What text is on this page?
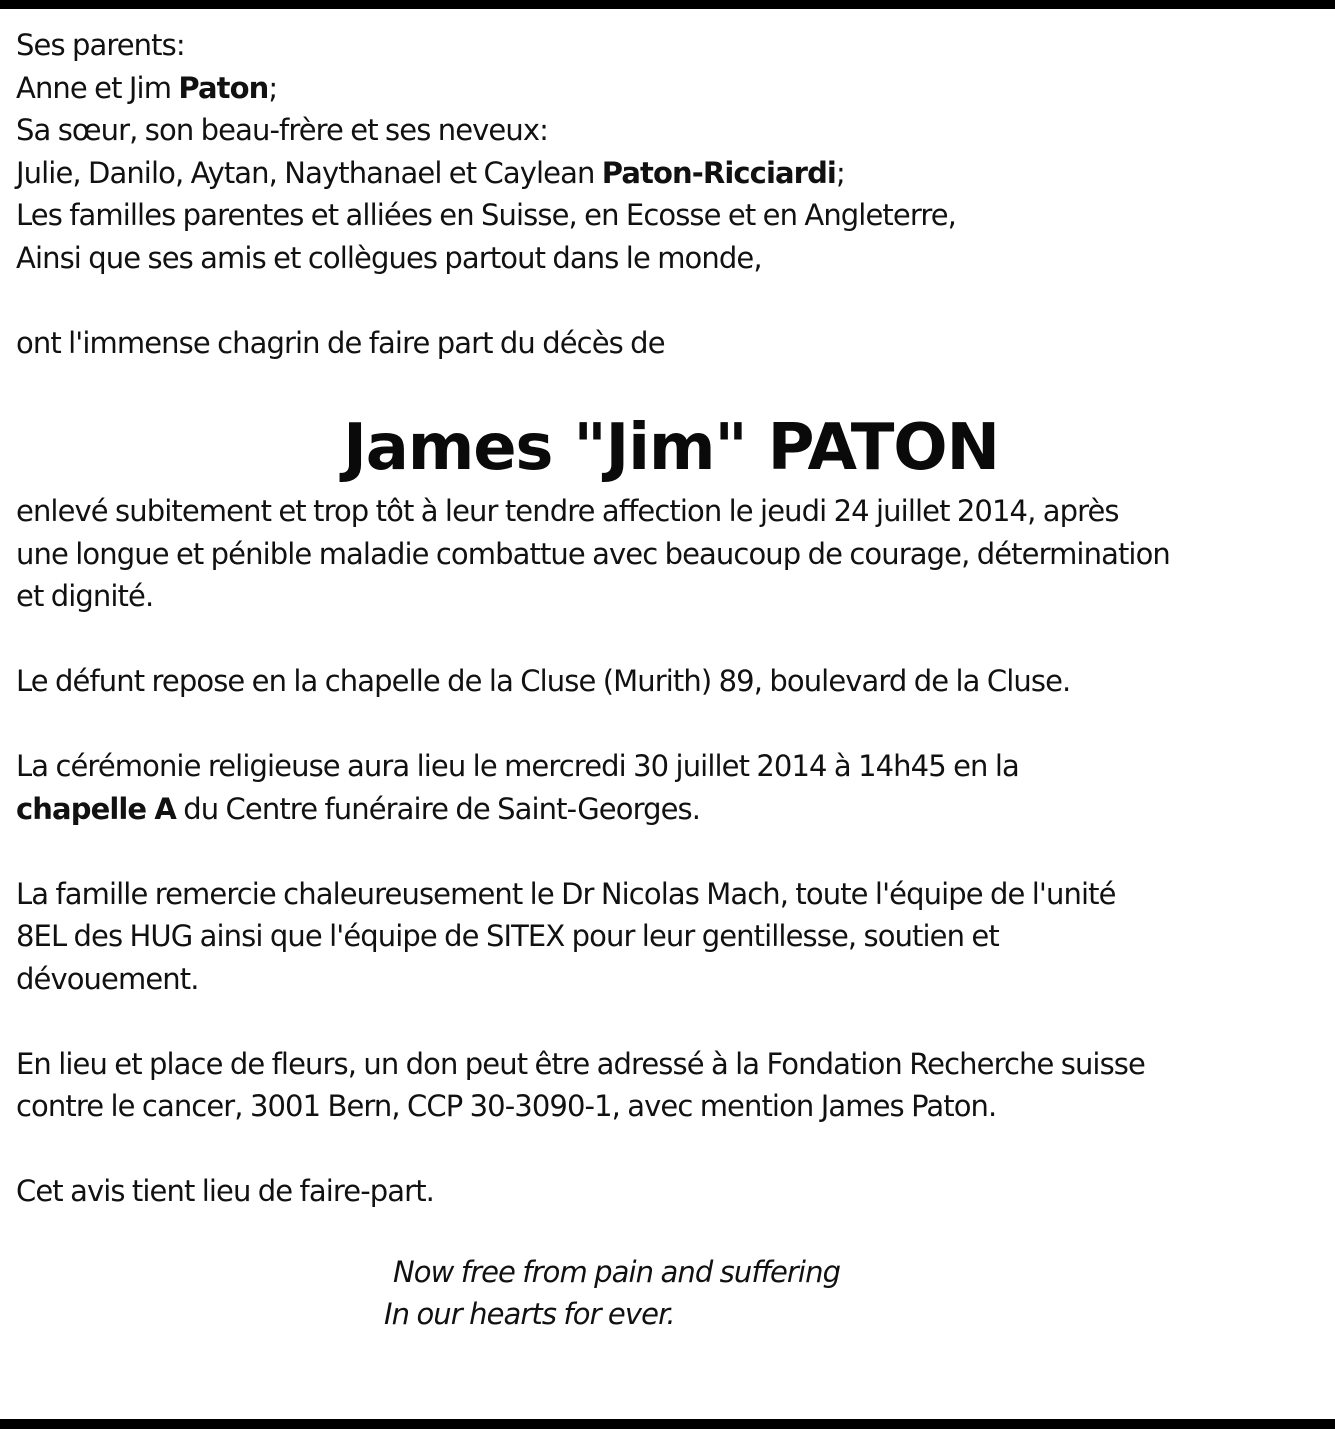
Ses parents:
Anne et Jim Paton;
Sa sœur, son beau-frère et ses neveux:
Julie, Danilo, Aytan, Naythanael et Caylean Paton-Ricciardi;
Les familles parentes et alliées en Suisse, en Ecosse et en Angleterre,
Ainsi que ses amis et collègues partout dans le monde,
ont l'immense chagrin de faire part du décès de
James "Jim" PATON
enlevé subitement et trop tôt à leur tendre affection le jeudi 24 juillet 2014, après
une longue et pénible maladie combattue avec beaucoup de courage, détermination
et dignité.
Le défunt repose en la chapelle de la Cluse (Murith) 89, boulevard de la Cluse.
La cérémonie religieuse aura lieu le mercredi 30 juillet 2014 à 14h45 en la
chapelle A du Centre funéraire de Saint-Georges.
La famille remercie chaleureusement le Dr Nicolas Mach, toute l'équipe de l'unité
8EL des HUG ainsi que l'équipe de SITEX pour leur gentillesse, soutien et
dévouement.
En lieu et place de fleurs, un don peut être adressé à la Fondation Recherche suisse
contre le cancer, 3001 Bern, CCP 30-3090-1, avec mention James Paton.
Cet avis tient lieu de faire-part.
Now free from pain and suffering
In our hearts for ever.
